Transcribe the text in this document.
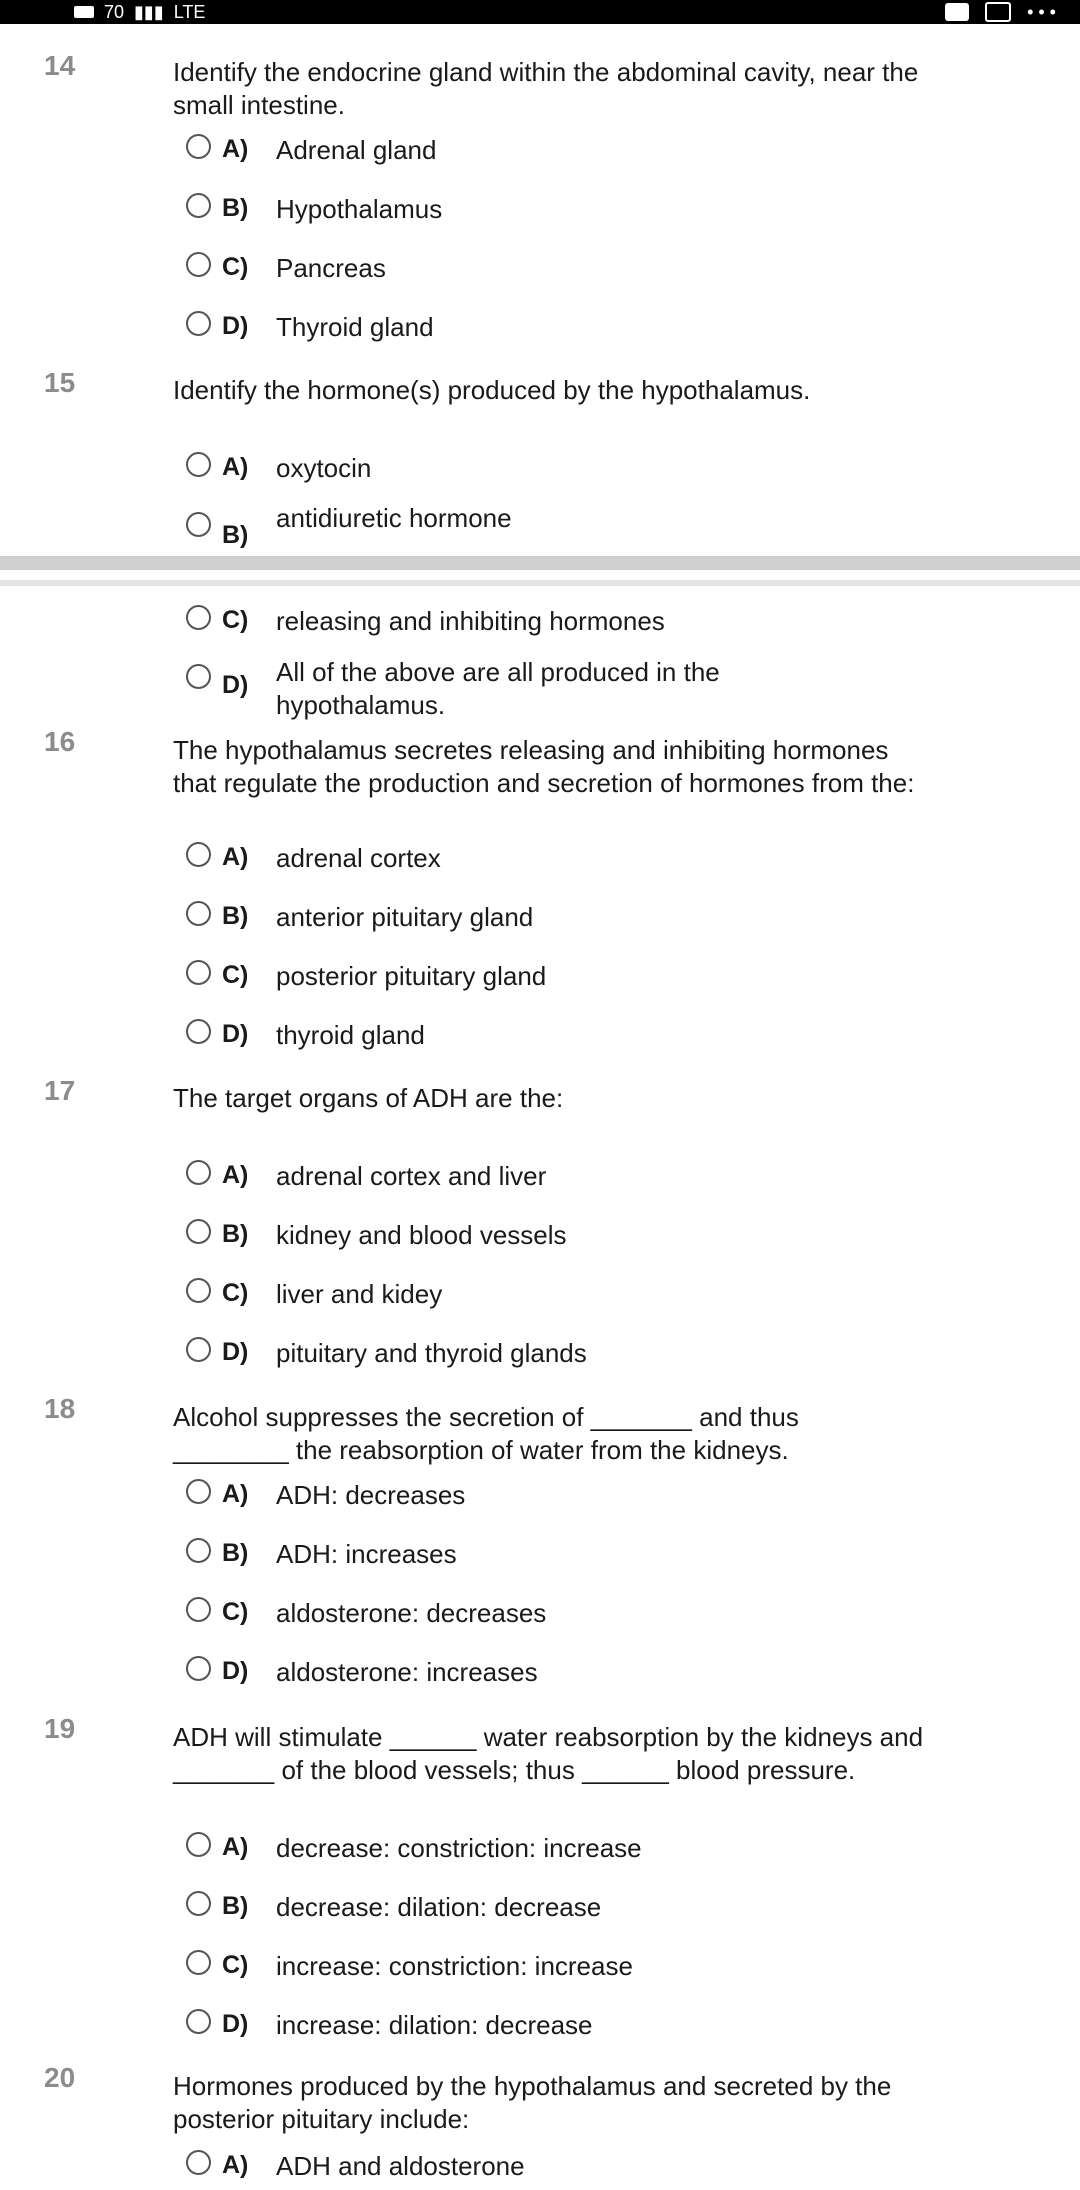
70 ▮▮▮ LTE	• • •
14	Identify the endocrine gland within the abdominal cavity, near the small intestine.
A) Adrenal gland
B) Hypothalamus
C) Pancreas
D) Thyroid gland
15	Identify the hormone(s) produced by the hypothalamus.
A) oxytocin
B)
antidiuretic hormone
C) releasing and inhibiting hormones
D) All of the above are all produced in the hypothalamus.
16	The hypothalamus secretes releasing and inhibiting hormones that regulate the production and secretion of hormones from the:
A) adrenal cortex
B) anterior pituitary gland
C) posterior pituitary gland
D) thyroid gland
17	The target organs of ADH are the:
A) adrenal cortex and liver
B) kidney and blood vessels
C) liver and kidey
D) pituitary and thyroid glands
18	Alcohol suppresses the secretion of _______ and thus ________ the reabsorption of water from the kidneys.
A) ADH: decreases
B) ADH: increases
C) aldosterone: decreases
D) aldosterone: increases
19	ADH will stimulate ______ water reabsorption by the kidneys and _______ of the blood vessels; thus ______ blood pressure.
A) decrease: constriction: increase
B) decrease: dilation: decrease
C) increase: constriction: increase
D) increase: dilation: decrease
20	Hormones produced by the hypothalamus and secreted by the posterior pituitary include:
A) ADH and aldosterone
